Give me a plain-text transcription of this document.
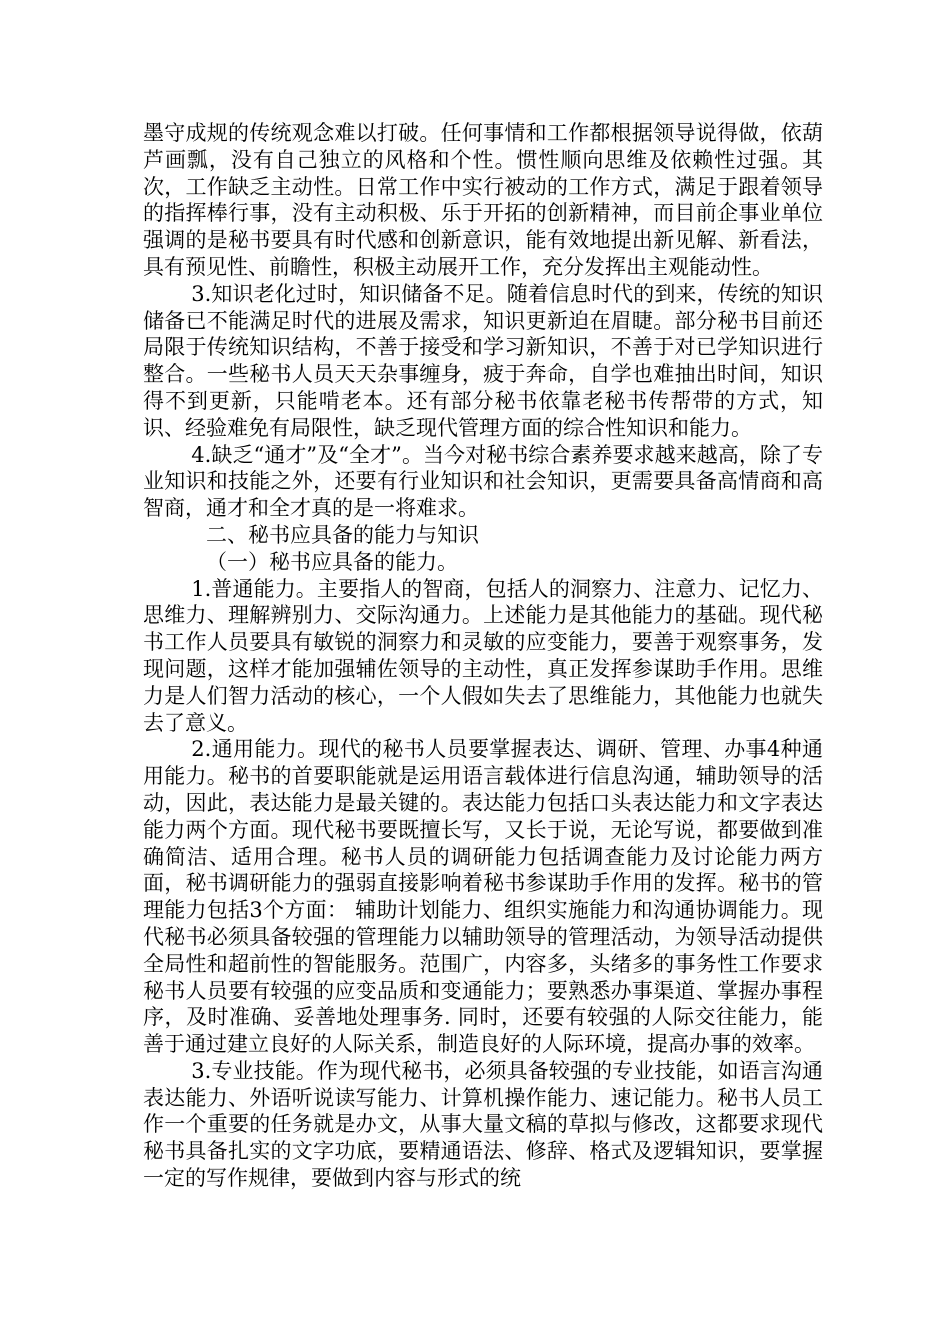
墨守成规的传统观念难以打破。任何事情和工作都根据领导说得做，依葫芦画瓢，没有自己独立的风格和个性。惯性顺向思维及依赖性过强。其次，工作缺乏主动性。日常工作中实行被动的工作方式，满足于跟着领导的指挥棒行事，没有主动积极、乐于开拓的创新精神，而目前企事业单位强调的是秘书要具有时代感和创新意识，能有效地提出新见解、新看法，具有预见性、前瞻性，积极主动展开工作，充分发挥出主观能动性。

3.知识老化过时，知识储备不足。随着信息时代的到来，传统的知识储备已不能满足时代的进展及需求，知识更新迫在眉睫。部分秘书目前还局限于传统知识结构，不善于接受和学习新知识，不善于对已学知识进行整合。一些秘书人员天天杂事缠身，疲于奔命，自学也难抽出时间，知识得不到更新，只能啃老本。还有部分秘书依靠老秘书传帮带的方式，知识、经验难免有局限性，缺乏现代管理方面的综合性知识和能力。

4.缺乏“通才”及“全才”。当今对秘书综合素养要求越来越高，除了专业知识和技能之外，还要有行业知识和社会知识，更需要具备高情商和高智商，通才和全才真的是一将难求。

二、秘书应具备的能力与知识

（一）秘书应具备的能力。

1.普通能力。主要指人的智商，包括人的洞察力、注意力、记忆力、思维力、理解辨别力、交际沟通力。上述能力是其他能力的基础。现代秘书工作人员要具有敏锐的洞察力和灵敏的应变能力，要善于观察事务，发现问题，这样才能加强辅佐领导的主动性，真正发挥参谋助手作用。思维力是人们智力活动的核心，一个人假如失去了思维能力，其他能力也就失去了意义。

2.通用能力。现代的秘书人员要掌握表达、调研、管理、办事4种通用能力。秘书的首要职能就是运用语言载体进行信息沟通，辅助领导的活动，因此，表达能力是最关键的。表达能力包括口头表达能力和文字表达能力两个方面。现代秘书要既擅长写，又长于说，无论写说，都要做到准确简洁、适用合理。秘书人员的调研能力包括调查能力及讨论能力两方面，秘书调研能力的强弱直接影响着秘书参谋助手作用的发挥。秘书的管理能力包括3个方面： 辅助计划能力、组织实施能力和沟通协调能力。现代秘书必须具备较强的管理能力以辅助领导的管理活动，为领导活动提供全局性和超前性的智能服务。范围广，内容多，头绪多的事务性工作要求秘书人员要有较强的应变品质和变通能力；要熟悉办事渠道、掌握办事程序，及时准确、妥善地处理事务. 同时，还要有较强的人际交往能力，能善于通过建立良好的人际关系，制造良好的人际环境，提高办事的效率。

3.专业技能。作为现代秘书，必须具备较强的专业技能，如语言沟通表达能力、外语听说读写能力、计算机操作能力、速记能力。秘书人员工作一个重要的任务就是办文，从事大量文稿的草拟与修改，这都要求现代秘书具备扎实的文字功底，要精通语法、修辞、格式及逻辑知识，要掌握一定的写作规律，要做到内容与形式的统
